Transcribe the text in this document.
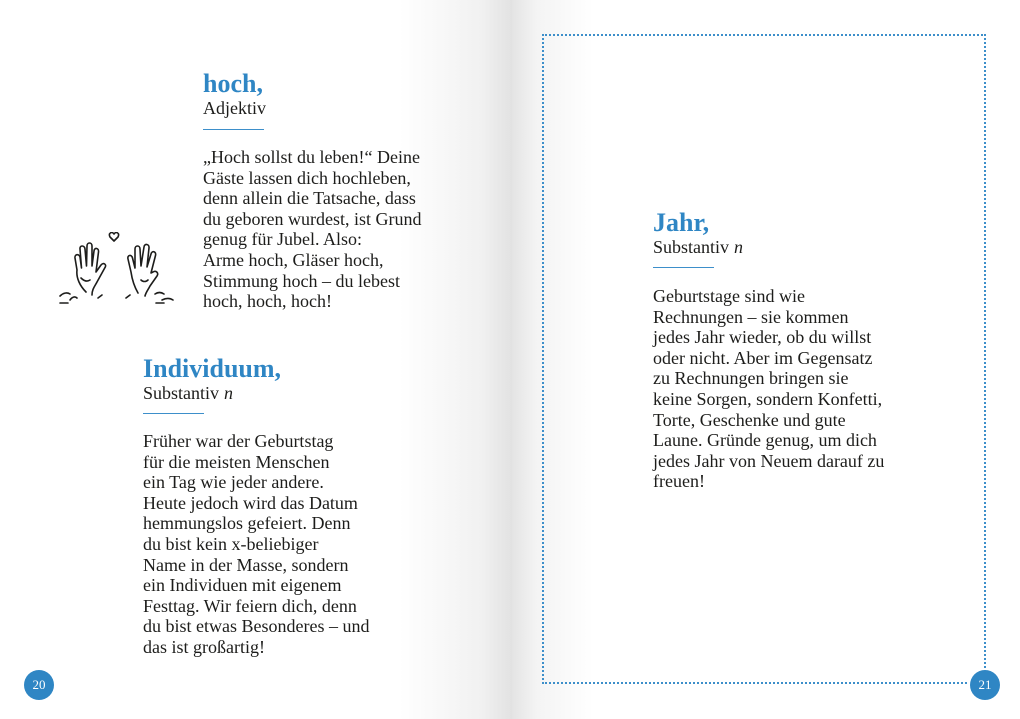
hoch,
Adjektiv
„Hoch sollst du leben!“ Deine
Gäste lassen dich hochleben,
denn allein die Tatsache, dass
du geboren wurdest, ist Grund
genug für Jubel. Also:
Arme hoch, Gläser hoch,
Stimmung hoch – du lebest
hoch, hoch, hoch!
Individuum,
Substantiv n
Früher war der Geburtstag
für die meisten Menschen
ein Tag wie jeder andere.
Heute jedoch wird das Datum
hemmungslos gefeiert. Denn
du bist kein x-beliebiger
Name in der Masse, sondern
ein Individuen mit eigenem
Festtag. Wir feiern dich, denn
du bist etwas Besonderes – und
das ist großartig!
20
Jahr,
Substantiv n
Geburtstage sind wie
Rechnungen – sie kommen
jedes Jahr wieder, ob du willst
oder nicht. Aber im Gegensatz
zu Rechnungen bringen sie
keine Sorgen, sondern Konfetti,
Torte, Geschenke und gute
Laune. Gründe genug, um dich
jedes Jahr von Neuem darauf zu
freuen!
21
